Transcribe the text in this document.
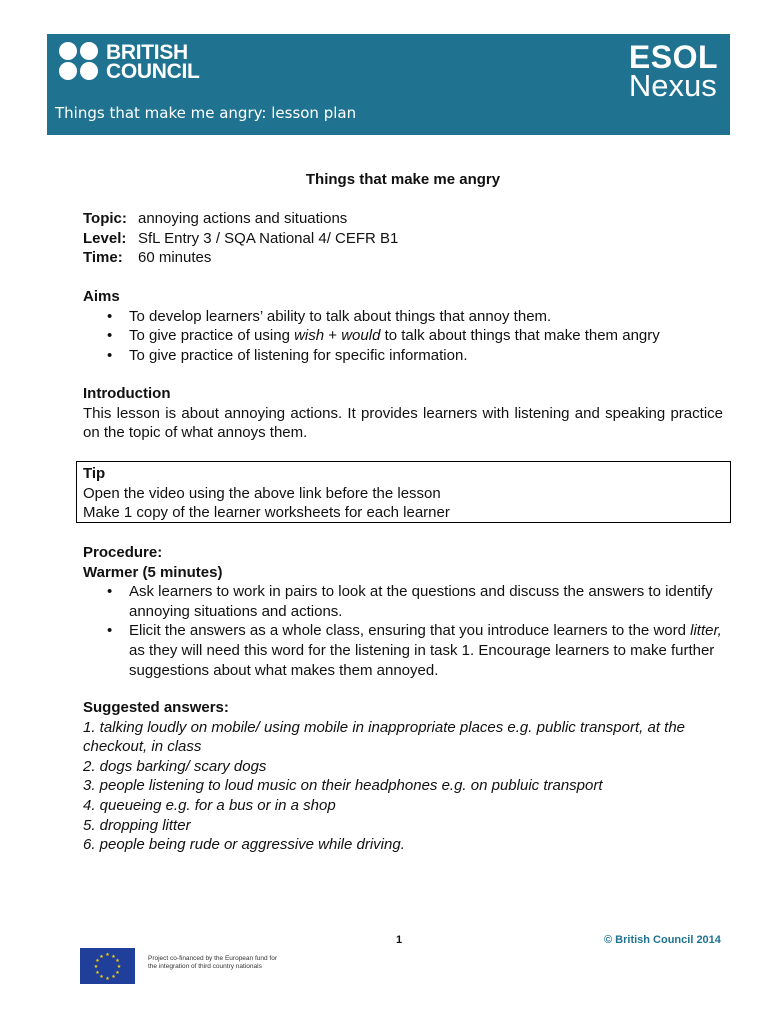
BRITISH
COUNCIL	ESOL
Nexus
Things that make me angry: lesson plan
Things that make me angry
Topic: annoying actions and situations
Level: SfL Entry 3 / SQA National 4/ CEFR B1
Time:	60 minutes
Aims
• To develop learners’ ability to talk about things that annoy them.
• To give practice of using wish + would to talk about things that make them angry
• To give practice of listening for specific information.
Introduction
This lesson is about annoying actions. It provides learners with listening and speaking practice on the topic of what annoys them.
Procedure:
Warmer (5 minutes)
• Ask learners to work in pairs to look at the questions and discuss the answers to identify annoying situations and actions.
• Elicit the answers as a whole class, ensuring that you introduce learners to the word litter, as they will need this word for the listening in task 1. Encourage learners to make further suggestions about what makes them annoyed.
Suggested answers:
1. talking loudly on mobile/ using mobile in inappropriate places e.g. public transport, at the checkout, in class
2. dogs barking/ scary dogs
3. people listening to loud music on their headphones e.g. on publuic transport
4. queueing e.g. for a bus or in a shop
5. dropping litter
6. people being rude or aggressive while driving.
Tip
Open the video using the above link before the lesson
Make 1 copy of the learner worksheets for each learner
1	© British Council 2014
★ ★
★
★
★
★
★
★
★
★
★
★	Project co-financed by the European fund for the integration of third country nationals
